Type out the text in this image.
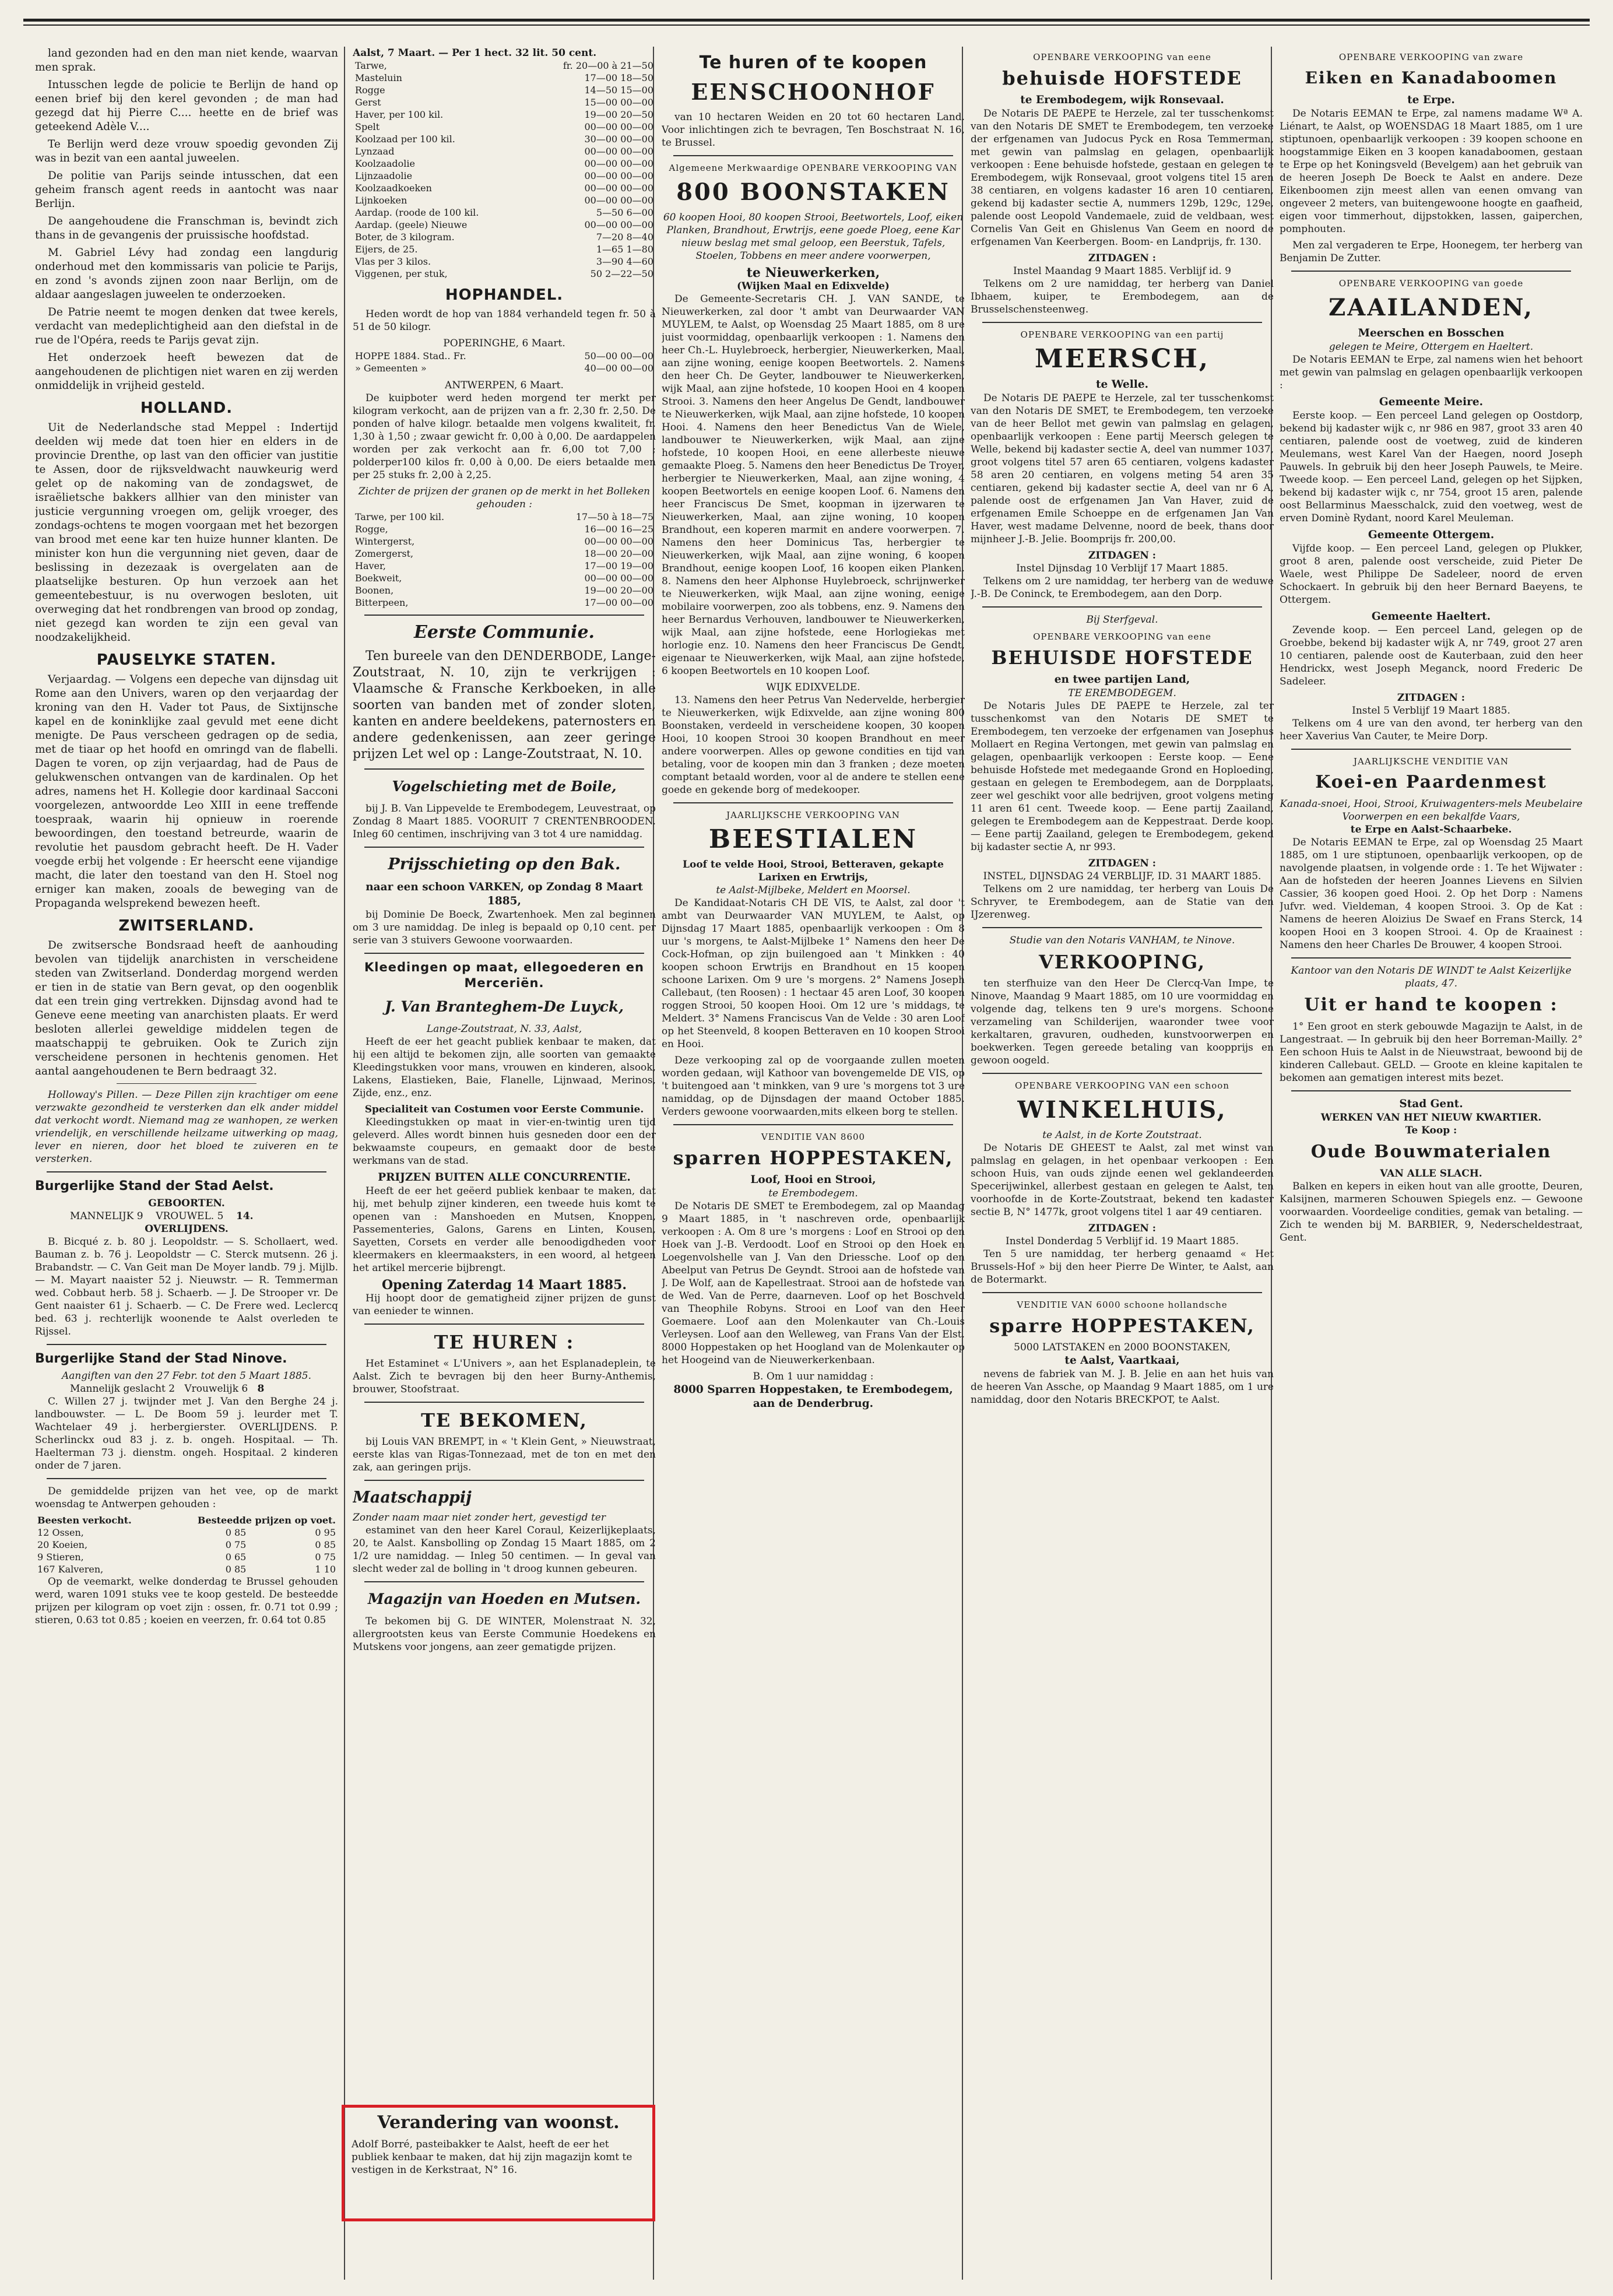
land gezonden had en den man niet kende, waarvan men sprak.

Intusschen legde de policie te Berlijn de hand op eenen brief bij den kerel gevonden ; de man had gezegd dat hij Pierre C.... heette en de brief was geteekend Adèle V....

Te Berlijn werd deze vrouw spoedig gevonden Zij was in bezit van een aantal juweelen.

De politie van Parijs seinde intusschen, dat een geheim fransch agent reeds in aantocht was naar Berlijn.

De aangehoudene die Franschman is, bevindt zich thans in de gevangenis der pruissische hoofdstad.

M. Gabriel Lévy had zondag een langdurig onderhoud met den kommissaris van policie te Parijs, en zond 's avonds zijnen zoon naar Berlijn, om de aldaar aangeslagen juweelen te onderzoeken.

De Patrie neemt te mogen denken dat twee kerels, verdacht van medeplichtigheid aan den diefstal in de rue de l'Opéra, reeds te Parijs gevat zijn.

Het onderzoek heeft bewezen dat de aangehoudenen de plichtigen niet waren en zij werden onmiddelijk in vrijheid gesteld.

HOLLAND.

Uit de Nederlandsche stad Meppel : Indertijd deelden wij mede dat toen hier en elders in de provincie Drenthe, op last van den officier van justitie te Assen, door de rijksveldwacht nauwkeurig werd gelet op de nakoming van de zondagswet, de israëlietsche bakkers allhier van den minister van justicie vergunning vroegen om, gelijk vroeger, des zondags-ochtens te mogen voorgaan met het bezorgen van brood met eene kar ten huize hunner klanten. De minister kon hun die vergunning niet geven, daar de beslissing in dezezaak is overgelaten aan de plaatselijke besturen. Op hun verzoek aan het gemeentebestuur, is nu overwogen besloten, uit overweging dat het rondbrengen van brood op zondag, niet gezegd kan worden te zijn een geval van noodzakelijkheid.

PAUSELYKE STATEN.

Verjaardag. — Volgens een depeche van dijnsdag uit Rome aan den Univers, waren op den verjaardag der kroning van den H. Vader tot Paus, de Sixtijnsche kapel en de koninklijke zaal gevuld met eene dicht menigte. De Paus verscheen gedragen op de sedia, met de tiaar op het hoofd en omringd van de flabelli. Dagen te voren, op zijn verjaardag, had de Paus de gelukwenschen ontvangen van de kardinalen. Op het adres, namens het H. Kollegie door kardinaal Sacconi voorgelezen, antwoordde Leo XIII in eene treffende toespraak, waarin hij opnieuw in roerende bewoordingen, den toestand betreurde, waarin de revolutie het pausdom gebracht heeft. De H. Vader voegde erbij het volgende : Er heerscht eene vijandige macht, die later den toestand van den H. Stoel nog erniger kan maken, zooals de beweging van de Propaganda welsprekend bewezen heeft.

ZWITSERLAND.

De zwitsersche Bondsraad heeft de aanhouding bevolen van tijdelijk anarchisten in verscheidene steden van Zwitserland. Donderdag morgend werden er tien in de statie van Bern gevat, op den oogenblik dat een trein ging vertrekken. Dijnsdag avond had te Geneve eene meeting van anarchisten plaats. Er werd besloten allerlei geweldige middelen tegen de maatschappij te gebruiken. Ook te Zurich zijn verscheidene personen in hechtenis genomen. Het aantal aangehoudenen te Bern bedraagt 32.

Holloway's Pillen. — Deze Pillen zijn krachtiger om eene verzwakte gezondheid te versterken dan elk ander middel dat verkocht wordt. Niemand mag ze wanhopen, ze werken vriendelijk, en verschillende heilzame uitwerking op maag, lever en nieren, door het bloed te zuiveren en te versterken.

Burgerlijke Stand der Stad Aelst.
GEBOORTEN.
MANNELIJK 9 VROUWEL. 5 14.
OVERLIJDENS.

B. Bicqué z. b. 80 j. Leopoldstr. — S. Schollaert, wed. Bauman z. b. 76 j. Leopoldstr — C. Sterck mutsenn. 26 j. Brabandstr. — C. Van Geit man De Moyer landb. 79 j. Mijlb. — M. Mayart naaister 52 j. Nieuwstr. — R. Temmerman wed. Cobbaut herb. 58 j. Schaerb. — J. De Strooper vr. De Gent naaister 61 j. Schaerb. — C. De Frere wed. Leclercq bed. 63 j. rechterlijk woonende te Aalst overleden te Rijssel.

Burgerlijke Stand der Stad Ninove.
Aangiften van den 27 Febr. tot den 5 Maart 1885.
Mannelijk geslacht 2 Vrouwelijk 6 8

C. Willen 27 j. twijnder met J. Van den Berghe 24 j. landbouwster. — L. De Boom 59 j. leurder met T. Wachtelaer 49 j. herbergierster. OVERLIJDENS. P. Scherlinckx oud 83 j. z. b. ongeh. Hospitaal. — Th. Haelterman 73 j. dienstm. ongeh. Hospitaal. 2 kinderen onder de 7 jaren.

De gemiddelde prijzen van het vee, op de markt woensdag te Antwerpen gehouden :

Beesten verkocht.	Besteedde prijzen op voet.	
12 Ossen,	0 85	0 95
20 Koeien,	0 75	0 85
9 Stieren,	0 65	0 75
167 Kalveren,	0 85	1 10

Op de veemarkt, welke donderdag te Brussel gehouden werd, waren 1091 stuks vee te koop gesteld. De besteedde prijzen per kilogram op voet zijn : ossen, fr. 0.71 tot 0.99 ; stieren, 0.63 tot 0.85 ; koeien en veerzen, fr. 0.64 tot 0.85

Aalst, 7 Maart. — Per 1 hect. 32 lit. 50 cent.
Tarwe,	fr. 20—00 à 21—50
Masteluin	17—00 18—50
Rogge	14—50 15—00
Gerst	15—00 00—00
Haver, per 100 kil.	19—00 20—50
Spelt	00—00 00—00
Koolzaad per 100 kil.	30—00 00—00
Lynzaad	00—00 00—00
Koolzaadolie	00—00 00—00
Lijnzaadolie	00—00 00—00
Koolzaadkoeken	00—00 00—00
Lijnkoeken	00—00 00—00
Aardap. (roode de 100 kil.	5—50 6—00
Aardap. (geele) Nieuwe	00—00 00—00
Boter, de 3 kilogram.	7—20 8—40
Eijers, de 25.	1—65 1—80
Vlas per 3 kilos.	3—90 4—60
Viggenen, per stuk,	50 2—22—50
HOPHANDEL.

Heden wordt de hop van 1884 verhandeld tegen fr. 50 à 51 de 50 kilogr.

POPERINGHE, 6 Maart.
HOPPE 1884. Stad.. Fr.	50—00 00—00
» Gemeenten »	40—00 00—00
ANTWERPEN, 6 Maart.

De kuipboter werd heden morgend ter merkt per kilogram verkocht, aan de prijzen van a fr. 2,30 fr. 2,50. De ponden of halve kilogr. betaalde men volgens kwaliteit, fr. 1,30 à 1,50 ; zwaar gewicht fr. 0,00 à 0,00. De aardappelen worden per zak verkocht aan fr. 6,00 tot 7,00 ; polderper100 kilos fr. 0,00 à 0,00. De eiers betaalde men per 25 stuks fr. 2,00 à 2,25.

Zichter de prijzen der granen op de merkt in het Bolleken gehouden :
Tarwe, per 100 kil.	17—50 à 18—75
Rogge,	16—00 16—25
Wintergerst,	00—00 00—00
Zomergerst,	18—00 20—00
Haver,	17—00 19—00
Boekweit,	00—00 00—00
Boonen,	19—00 20—00
Bitterpeen,	17—00 00—00
Eerste Communie.

Ten bureele van den DENDERBODE, Lange-Zoutstraat, N. 10, zijn te verkrijgen : Vlaamsche & Fransche Kerkboeken, in alle soorten van banden met of zonder sloten, kanten en andere beeldekens, paternosters en andere gedenkenissen, aan zeer geringe prijzen Let wel op : Lange-Zoutstraat, N. 10.

Vogelschieting met de Boile,

bij J. B. Van Lippevelde te Erembodegem, Leuvestraat, op Zondag 8 Maart 1885. VOORUIT 7 CRENTENBROODEN. Inleg 60 centimen, inschrijving van 3 tot 4 ure namiddag.

Prijsschieting op den Bak.
naar een schoon VARKEN, op Zondag 8 Maart 1885,

bij Dominie De Boeck, Zwartenhoek. Men zal beginnen om 3 ure namiddag. De inleg is bepaald op 0,10 cent. per serie van 3 stuivers Gewoone voorwaarden.

Kleedingen op maat, ellegoederen en Merceriën.
J. Van Branteghem-De Luyck,
Lange-Zoutstraat, N. 33, Aalst,

Heeft de eer het geacht publiek kenbaar te maken, dat hij een altijd te bekomen zijn, alle soorten van gemaakte Kleedingstukken voor mans, vrouwen en kinderen, alsook, Lakens, Elastieken, Baie, Flanelle, Lijnwaad, Merinos, Zijde, enz., enz.

Specialiteit van Costumen voor Eerste Communie.

Kleedingstukken op maat in vier-en-twintig uren tijd geleverd. Alles wordt binnen huis gesneden door een der bekwaamste coupeurs, en gemaakt door de beste werkmans van de stad.

PRIJZEN BUITEN ALLE CONCURRENTIE.

Heeft de eer het geëerd publiek kenbaar te maken, dat hij, met behulp zijner kinderen, een tweede huis komt te openen van : Manshoeden en Mutsen, Knoppen, Passementeries, Galons, Garens en Linten, Kousen, Sayetten, Corsets en verder alle benoodigdheden voor kleermakers en kleermaaksters, in een woord, al hetgeen het artikel mercerie bijbrengt.

Opening Zaterdag 14 Maart 1885.

Hij hoopt door de gematigheid zijner prijzen de gunst van eenieder te winnen.

TE HUREN :

Het Estaminet « L'Univers », aan het Esplanadeplein, te Aalst. Zich te bevragen bij den heer Burny-Anthemis, brouwer, Stoofstraat.

TE BEKOMEN,

bij Louis VAN BREMPT, in « 't Klein Gent, » Nieuwstraat, eerste klas van Rigas-Tonnezaad, met de ton en met den zak, aan geringen prijs.

Maatschappij
Zonder naam maar niet zonder hert, gevestigd ter

estaminet van den heer Karel Coraul, Keizerlijkeplaats, 20, te Aalst. Kansbolling op Zondag 15 Maart 1885, om 2 1/2 ure namiddag. — Inleg 50 centimen. — In geval van slecht weder zal de bolling in 't droog kunnen gebeuren.

Magazijn van Hoeden en Mutsen.

Te bekomen bij G. DE WINTER, Molenstraat N. 32, allergrootsten keus van Eerste Communie Hoedekens en Mutskens voor jongens, aan zeer gematigde prijzen.

Verandering van woonst.

Adolf Borré, pasteibakker te Aalst, heeft de eer het publiek kenbaar te maken, dat hij zijn magazijn komt te vestigen in de Kerkstraat, N° 16.

Te huren of te koopen
EENSCHOONHOF

van 10 hectaren Weiden en 20 tot 60 hectaren Land. Voor inlichtingen zich te bevragen, Ten Boschstraat N. 16, te Brussel.

Algemeene Merkwaardige OPENBARE VERKOOPING VAN
800 BOONSTAKEN

60 koopen Hooi, 80 koopen Strooi, Beetwortels, Loof, eiken Planken, Brandhout, Erwtrijs, eene goede Ploeg, eene Kar nieuw beslag met smal geloop, een Beerstuk, Tafels, Stoelen, Tobbens en meer andere voorwerpen,

te Nieuwerkerken,
(Wijken Maal en Edixvelde)

De Gemeente-Secretaris CH. J. VAN SANDE, te Nieuwerkerken, zal door 't ambt van Deurwaarder VAN MUYLEM, te Aalst, op Woensdag 25 Maart 1885, om 8 ure juist voormiddag, openbaarlijk verkoopen : 1. Namens den heer Ch.-L. Huylebroeck, herbergier, Nieuwerkerken, Maal, aan zijne woning, eenige koopen Beetwortels. 2. Namens den heer Ch. De Geyter, landbouwer te Nieuwerkerken, wijk Maal, aan zijne hofstede, 10 koopen Hooi en 4 koopen Strooi. 3. Namens den heer Angelus De Gendt, landbouwer te Nieuwerkerken, wijk Maal, aan zijne hofstede, 10 koopen Hooi. 4. Namens den heer Benedictus Van de Wiele, landbouwer te Nieuwerkerken, wijk Maal, aan zijne hofstede, 10 koopen Hooi, en eene allerbeste nieuwe gemaakte Ploeg. 5. Namens den heer Benedictus De Troyer, herbergier te Nieuwerkerken, Maal, aan zijne woning, 4 koopen Beetwortels en eenige koopen Loof. 6. Namens den heer Franciscus De Smet, koopman in ijzerwaren te Nieuwerkerken, Maal, aan zijne woning, 10 koopen Brandhout, een koperen marmit en andere voorwerpen. 7. Namens den heer Dominicus Tas, herbergier te Nieuwerkerken, wijk Maal, aan zijne woning, 6 koopen Brandhout, eenige koopen Loof, 16 koopen eiken Planken. 8. Namens den heer Alphonse Huylebroeck, schrijnwerker te Nieuwerkerken, wijk Maal, aan zijne woning, eenige mobilaire voorwerpen, zoo als tobbens, enz. 9. Namens den heer Bernardus Verhouven, landbouwer te Nieuwerkerken, wijk Maal, aan zijne hofstede, eene Horlogiekas met horlogie enz. 10. Namens den heer Franciscus De Gendt, eigenaar te Nieuwerkerken, wijk Maal, aan zijne hofstede, 6 koopen Beetwortels en 10 koopen Loof.

WIJK EDIXVELDE.

13. Namens den heer Petrus Van Nedervelde, herbergier te Nieuwerkerken, wijk Edixvelde, aan zijne woning 800 Boonstaken, verdeeld in verscheidene koopen, 30 koopen Hooi, 10 koopen Strooi 30 koopen Brandhout en meer andere voorwerpen. Alles op gewone condities en tijd van betaling, voor de koopen min dan 3 franken ; deze moeten comptant betaald worden, voor al de andere te stellen eene goede en gekende borg of medekooper.

JAARLIJKSCHE VERKOOPING VAN
BEESTIALEN
Loof te velde Hooi, Strooi, Betteraven, gekapte Larixen en Erwtrijs,
te Aalst-Mijlbeke, Meldert en Moorsel.

De Kandidaat-Notaris CH DE VIS, te Aalst, zal door 't ambt van Deurwaarder VAN MUYLEM, te Aalst, op Dijnsdag 17 Maart 1885, openbaarlijk verkoopen : Om 8 uur 's morgens, te Aalst-Mijlbeke 1° Namens den heer De Cock-Hofman, op zijn builengoed aan 't Minkken : 40 koopen schoon Erwtrijs en Brandhout en 15 koopen schoone Larixen. Om 9 ure 's morgens. 2° Namens Joseph Callebaut, (ten Roosen) : 1 hectaar 45 aren Loof, 30 koopen roggen Strooi, 50 koopen Hooi. Om 12 ure 's middags, te Meldert. 3° Namens Franciscus Van de Velde : 30 aren Loof op het Steenveld, 8 koopen Betteraven en 10 koopen Strooi en Hooi.

Deze verkooping zal op de voorgaande zullen moeten worden gedaan, wijl Kathoor van bovengemelde DE VIS, op 't buitengoed aan 't minkken, van 9 ure 's morgens tot 3 ure namiddag, op de Dijnsdagen der maand October 1885. Verders gewoone voorwaarden,mits elkeen borg te stellen.

VENDITIE VAN 8600
sparren HOPPESTAKEN,
Loof, Hooi en Strooi,
te Erembodegem.

De Notaris DE SMET te Erembodegem, zal op Maandag 9 Maart 1885, in 't naschreven orde, openbaarlijk verkoopen : A. Om 8 ure 's morgens : Loof en Strooi op den Hoek van J.-B. Verdoodt. Loof en Strooi op den Hoek en Loegenvolshelle van J. Van den Driessche. Loof op den Abeelput van Petrus De Geyndt. Strooi aan de hofstede van J. De Wolf, aan de Kapellestraat. Strooi aan de hofstede van de Wed. Van de Perre, daarneven. Loof op het Boschveld van Theophile Robyns. Strooi en Loof van den Heer Goemaere. Loof aan den Molenkauter van Ch.-Louis Verleysen. Loof aan den Welleweg, van Frans Van der Elst. 8000 Hoppestaken op het Hoogland van de Molenkauter op het Hoogeind van de Nieuwerkerkenbaan.

B. Om 1 uur namiddag :
8000 Sparren Hoppestaken, te Erembodegem, aan de Denderbrug.
OPENBARE VERKOOPING van eene
behuisde HOFSTEDE
te Erembodegem, wijk Ronsevaal.

De Notaris DE PAEPE te Herzele, zal ter tusschenkomst van den Notaris DE SMET te Erembodegem, ten verzoeke der erfgenamen van Judocus Pyck en Rosa Temmerman, met gewin van palmslag en gelagen, openbaarlijk verkoopen : Eene behuisde hofstede, gestaan en gelegen te Erembodegem, wijk Ronsevaal, groot volgens titel 15 aren 38 centiaren, en volgens kadaster 16 aren 10 centiaren, gekend bij kadaster sectie A, nummers 129b, 129c, 129e, palende oost Leopold Vandemaele, zuid de veldbaan, west Cornelis Van Geit en Ghislenus Van Geem en noord de erfgenamen Van Keerbergen. Boom- en Landprijs, fr. 130.

ZITDAGEN :
Instel Maandag 9 Maart 1885. Verblijf id. 9

Telkens om 2 ure namiddag, ter herberg van Daniel Ibhaem, kuiper, te Erembodegem, aan de Brusselschensteenweg.

OPENBARE VERKOOPING van een partij
MEERSCH,
te Welle.

De Notaris DE PAEPE te Herzele, zal ter tusschenkomst van den Notaris DE SMET, te Erembodegem, ten verzoeke van de heer Bellot met gewin van palmslag en gelagen, openbaarlijk verkoopen : Eene partij Meersch gelegen te Welle, bekend bij kadaster sectie A, deel van nummer 1037, groot volgens titel 57 aren 65 centiaren, volgens kadaster 58 aren 20 centiaren, en volgens meting 54 aren 35 centiaren, gekend bij kadaster sectie A, deel van nr 6 A, palende oost de erfgenamen Jan Van Haver, zuid de erfgenamen Emile Schoeppe en de erfgenamen Jan Van Haver, west madame Delvenne, noord de beek, thans door mijnheer J.-B. Jelie. Boomprijs fr. 200,00.

ZITDAGEN :
Instel Dijnsdag 10 Verblijf 17 Maart 1885.

Telkens om 2 ure namiddag, ter herberg van de weduwe J.-B. De Coninck, te Erembodegem, aan den Dorp.

Bij Sterfgeval.
OPENBARE VERKOOPING van eene
BEHUISDE HOFSTEDE
en twee partijen Land,
TE EREMBODEGEM.

De Notaris Jules DE PAEPE te Herzele, zal ter tusschenkomst van den Notaris DE SMET te Erembodegem, ten verzoeke der erfgenamen van Josephus Mollaert en Regina Vertongen, met gewin van palmslag en gelagen, openbaarlijk verkoopen : Eerste koop. — Eene behuisde Hofstede met medegaande Grond en Hoploeding, gestaan en gelegen te Erembodegem, aan de Dorpplaats, zeer wel geschikt voor alle bedrijven, groot volgens meting 11 aren 61 cent. Tweede koop. — Eene partij Zaailand, gelegen te Erembodegem aan de Keppestraat. Derde koop. — Eene partij Zaailand, gelegen te Erembodegem, gekend bij kadaster sectie A, nr 993.

ZITDAGEN :
INSTEL, DIJNSDAG 24 VERBLIJF, ID. 31 MAART 1885.

Telkens om 2 ure namiddag, ter herberg van Louis De Schryver, te Erembodegem, aan de Statie van den IJzerenweg.

Studie van den Notaris VANHAM, te Ninove.
VERKOOPING,

ten sterfhuize van den Heer De Clercq-Van Impe, te Ninove, Maandag 9 Maart 1885, om 10 ure voormiddag en volgende dag, telkens ten 9 ure's morgens. Schoone verzameling van Schilderijen, waaronder twee voor kerkaltaren, gravuren, oudheden, kunstvoorwerpen en boekwerken. Tegen gereede betaling van koopprijs en gewoon oogeld.

OPENBARE VERKOOPING VAN een schoon
WINKELHUIS,
te Aalst, in de Korte Zoutstraat.

De Notaris DE GHEEST te Aalst, zal met winst van palmslag en gelagen, in het openbaar verkoopen : Een schoon Huis, van ouds zijnde eenen wel geklandeerden Specerijwinkel, allerbest gestaan en gelegen te Aalst, ten voorhoofde in de Korte-Zoutstraat, bekend ten kadaster sectie B, N° 1477k, groot volgens titel 1 aar 49 centiaren.

ZITDAGEN :
Instel Donderdag 5 Verblijf id. 19 Maart 1885.

Ten 5 ure namiddag, ter herberg genaamd « Het Brussels-Hof » bij den heer Pierre De Winter, te Aalst, aan de Botermarkt.

VENDITIE VAN 6000 schoone hollandsche
sparre HOPPESTAKEN,
5000 LATSTAKEN en 2000 BOONSTAKEN,
te Aalst, Vaartkaai,

nevens de fabriek van M. J. B. Jelie en aan het huis van de heeren Van Assche, op Maandag 9 Maart 1885, om 1 ure namiddag, door den Notaris BRECKPOT, te Aalst.

OPENBARE VERKOOPING van zware
Eiken en Kanadaboomen
te Erpe.

De Notaris EEMAN te Erpe, zal namens madame Wª A. Liénart, te Aalst, op WOENSDAG 18 Maart 1885, om 1 ure stiptunoen, openbaarlijk verkoopen : 39 koopen schoone en hoogstammige Eiken en 3 koopen kanadaboomen, gestaan te Erpe op het Koningsveld (Bevelgem) aan het gebruik van de heeren Joseph De Boeck te Aalst en andere. Deze Eikenboomen zijn meest allen van eenen omvang van ongeveer 2 meters, van buitengewoone hoogte en gaafheid, eigen voor timmerhout, dijpstokken, lassen, gaiperchen, pomphouten.

Men zal vergaderen te Erpe, Hoonegem, ter herberg van Benjamin De Zutter.

OPENBARE VERKOOPING van goede
ZAAILANDEN,
Meerschen en Bosschen
gelegen te Meire, Ottergem en Haeltert.

De Notaris EEMAN te Erpe, zal namens wien het behoort met gewin van palmslag en gelagen openbaarlijk verkoopen :

Gemeente Meire.

Eerste koop. — Een perceel Land gelegen op Oostdorp, bekend bij kadaster wijk c, nr 986 en 987, groot 33 aren 40 centiaren, palende oost de voetweg, zuid de kinderen Meulemans, west Karel Van der Haegen, noord Joseph Pauwels. In gebruik bij den heer Joseph Pauwels, te Meire. Tweede koop. — Een perceel Land, gelegen op het Sijpken, bekend bij kadaster wijk c, nr 754, groot 15 aren, palende oost Bellarminus Maesschalck, zuid den voetweg, west de erven Dominè Rydant, noord Karel Meuleman.

Gemeente Ottergem.

Vijfde koop. — Een perceel Land, gelegen op Plukker, groot 8 aren, palende oost verscheide, zuid Pieter De Waele, west Philippe De Sadeleer, noord de erven Schockaert. In gebruik bij den heer Bernard Baeyens, te Ottergem.

Gemeente Haeltert.

Zevende koop. — Een perceel Land, gelegen op de Groebbe, bekend bij kadaster wijk A, nr 749, groot 27 aren 10 centiaren, palende oost de Kauterbaan, zuid den heer Hendrickx, west Joseph Meganck, noord Frederic De Sadeleer.

ZITDAGEN :
Instel 5 Verblijf 19 Maart 1885.

Telkens om 4 ure van den avond, ter herberg van den heer Xaverius Van Cauter, te Meire Dorp.

JAARLIJKSCHE VENDITIE VAN
Koei-en Paardenmest
Kanada-snoei, Hooi, Strooi, Kruiwagenters-mels Meubelaire Voorwerpen en een bekalfde Vaars,
te Erpe en Aalst-Schaarbeke.

De Notaris EEMAN te Erpe, zal op Woensdag 25 Maart 1885, om 1 ure stiptunoen, openbaarlijk verkoopen, op de navolgende plaatsen, in volgende orde : 1. Te het Wijwater : Aan de hofsteden der heeren Joannes Lievens en Silvien Cassier, 36 koopen goed Hooi. 2. Op het Dorp : Namens Jufvr. wed. Vieldeman, 4 koopen Strooi. 3. Op de Kat : Namens de heeren Aloizius De Swaef en Frans Sterck, 14 koopen Hooi en 3 koopen Strooi. 4. Op de Kraainest : Namens den heer Charles De Brouwer, 4 koopen Strooi.

Kantoor van den Notaris DE WINDT te Aalst Keizerlijke plaats, 47.
Uit er hand te koopen :

1° Een groot en sterk gebouwde Magazijn te Aalst, in de Langestraat. — In gebruik bij den heer Borreman-Mailly. 2° Een schoon Huis te Aalst in de Nieuwstraat, bewoond bij de kinderen Callebaut. GELD. — Groote en kleine kapitalen te bekomen aan gematigen interest mits bezet.

Stad Gent.
WERKEN VAN HET NIEUW KWARTIER.
Te Koop :
Oude Bouwmaterialen
VAN ALLE SLACH.

Balken en kepers in eiken hout van alle grootte, Deuren, Kalsijnen, marmeren Schouwen Spiegels enz. — Gewoone voorwaarden. Voordeelige condities, gemak van betaling. — Zich te wenden bij M. BARBIER, 9, Nederscheldestraat, Gent.
